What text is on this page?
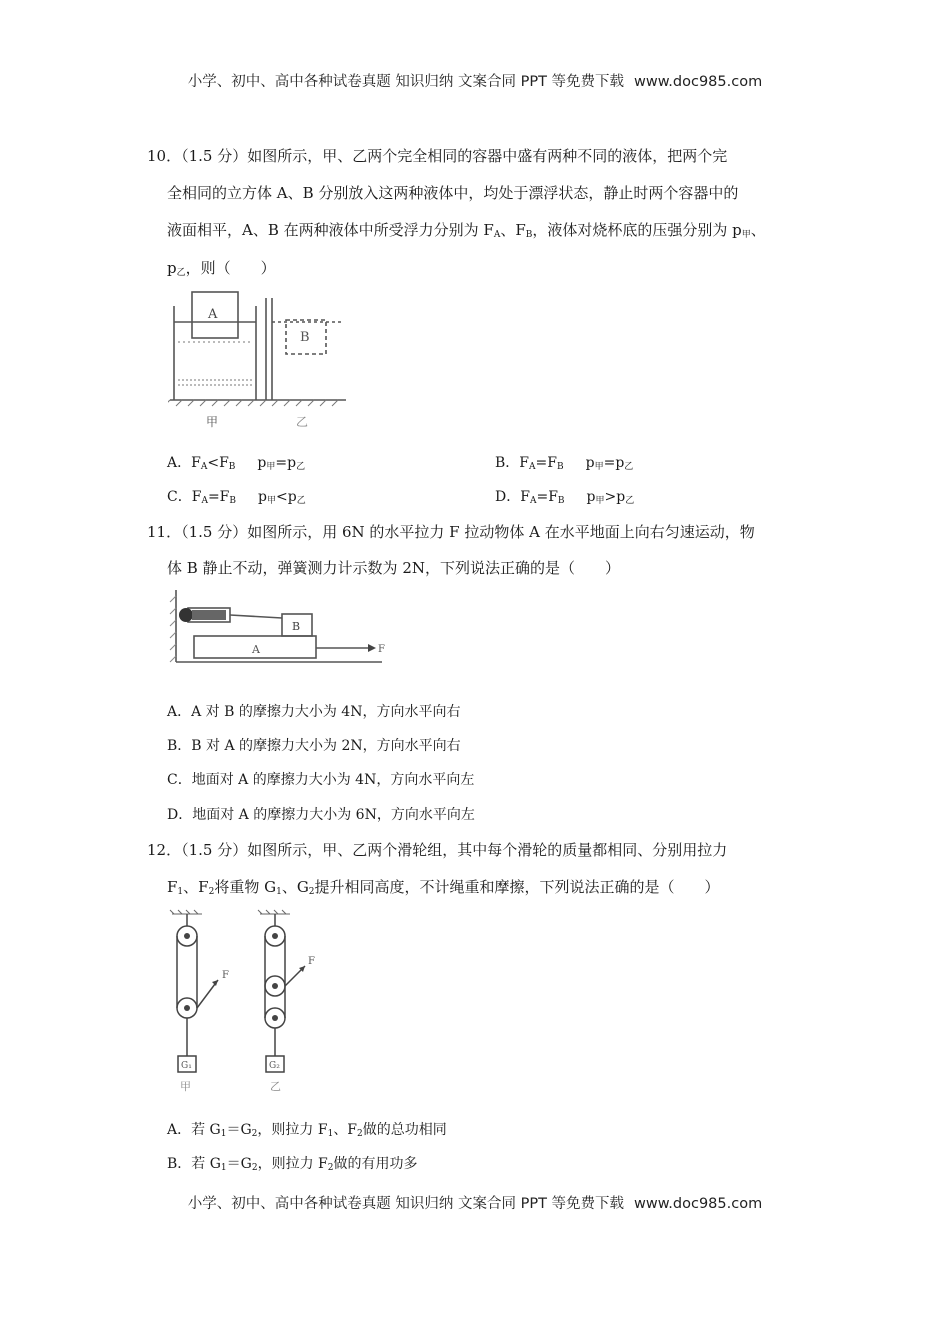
小学、初中、高中各种试卷真题 知识归纳 文案合同 PPT 等免费下载 www.doc985.com
10．（1.5 分）如图所示，甲、乙两个完全相同的容器中盛有两种不同的液体，把两个完
全相同的立方体 A、B 分别放入这两种液体中，均处于漂浮状态，静止时两个容器中的
液面相平，A、B 在两种液体中所受浮力分别为 $F_A$、$F_B$，液体对烧杯底的压强分别为 $p_甲$、
$p_乙$，则（　　）
A
B
甲	乙
A．$F_A<F_B$ $p_甲=p_乙$	B．$F_A=F_B$ $p_甲=p_乙$
C．$F_A=F_B$ $p_甲<p_乙$	D．$F_A=F_B$ $p_甲>p_乙$
11．（1.5 分）如图所示，用 6N 的水平拉力 F 拉动物体 A 在水平地面上向右匀速运动，物
体 B 静止不动，弹簧测力计示数为 2N，下列说法正确的是（　　）
A
B
F
A．A 对 B 的摩擦力大小为 4N，方向水平向右
B．B 对 A 的摩擦力大小为 2N，方向水平向右
C．地面对 A 的摩擦力大小为 4N，方向水平向左
D．地面对 A 的摩擦力大小为 6N，方向水平向左
12．（1.5 分）如图所示，甲、乙两个滑轮组，其中每个滑轮的质量都相同、分别用拉力
$F_1$、$F_2$将重物 $G_1$、$G_2$提升相同高度，不计绳重和摩擦，下列说法正确的是（　　）
F
F
G₁	G₂
甲	乙
A．若 $G_1=G_2$，则拉力 $F_1$、$F_2$做的总功相同
B．若 $G_1=G_2$，则拉力 $F_2$做的有用功多
小学、初中、高中各种试卷真题 知识归纳 文案合同 PPT 等免费下载 www.doc985.com
